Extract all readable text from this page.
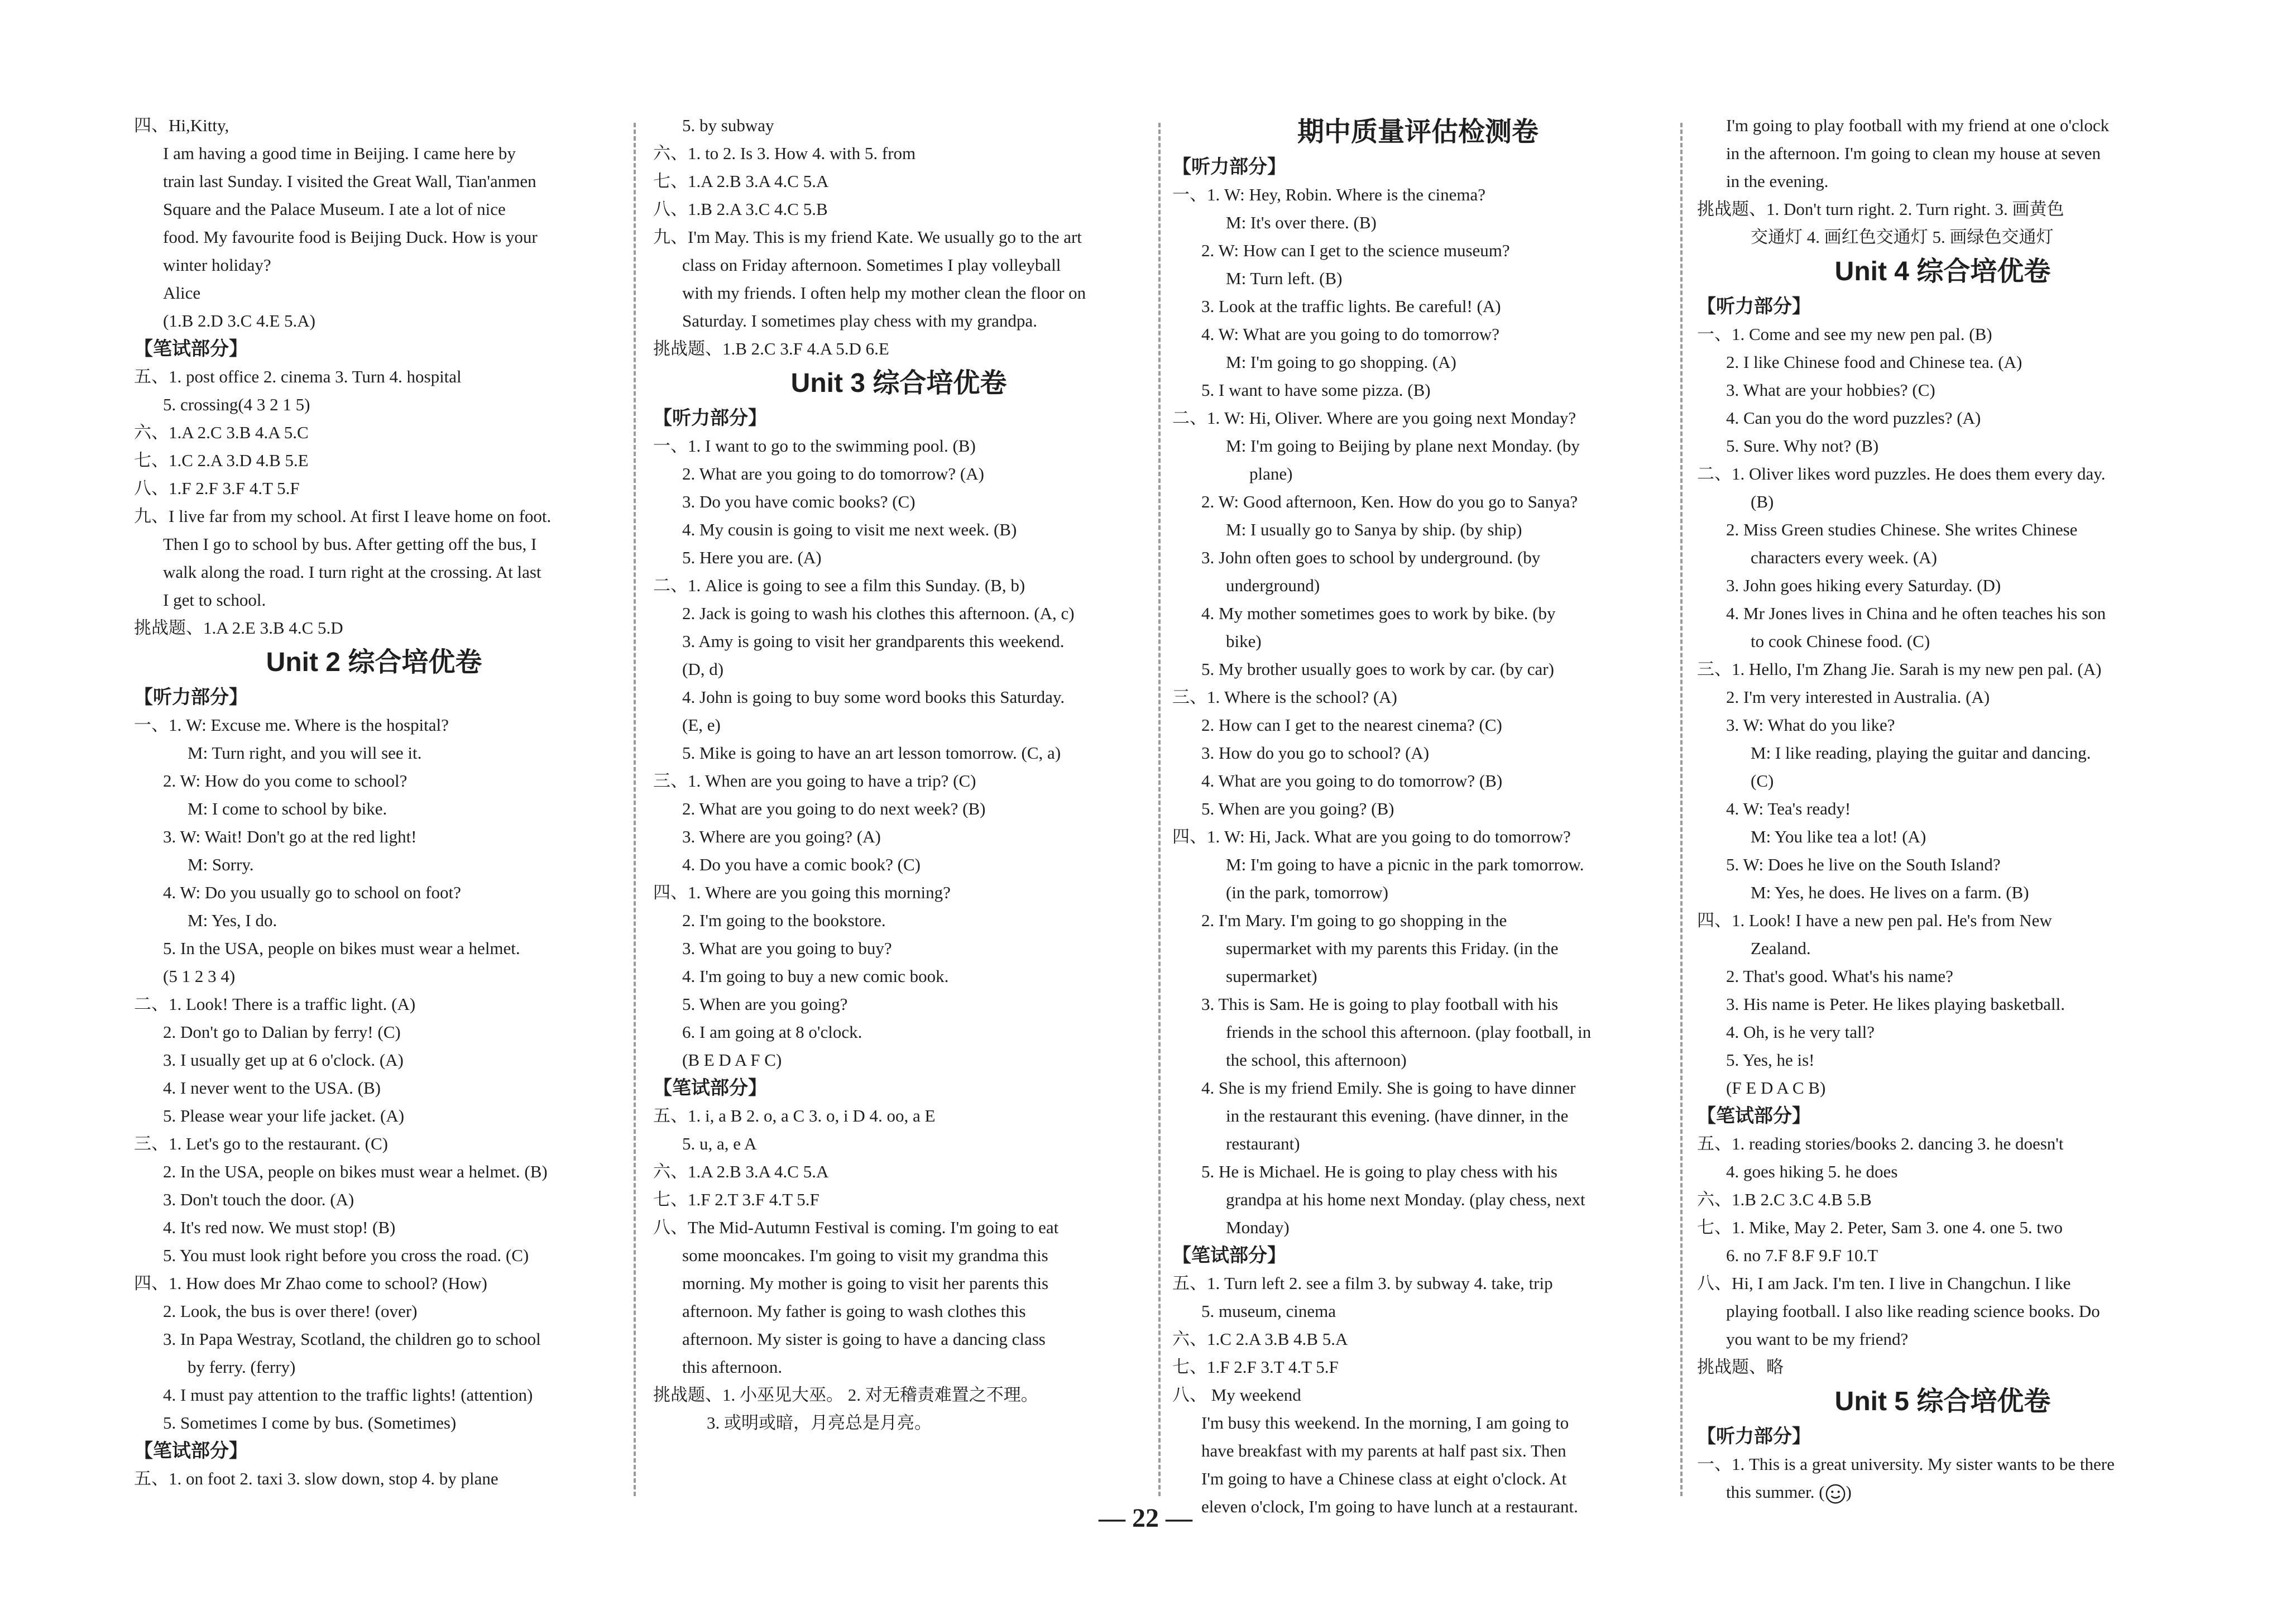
四、Hi,Kitty,
I am having a good time in Beijing. I came here by
train last Sunday. I visited the Great Wall, Tian'anmen
Square and the Palace Museum. I ate a lot of nice
food. My favourite food is Beijing Duck. How is your
winter holiday?
Alice
(1.B 2.D 3.C 4.E 5.A)
【笔试部分】
五、1. post office 2. cinema 3. Turn 4. hospital
5. crossing(4 3 2 1 5)
六、1.A 2.C 3.B 4.A 5.C
七、1.C 2.A 3.D 4.B 5.E
八、1.F 2.F 3.F 4.T 5.F
九、I live far from my school. At first I leave home on foot.
Then I go to school by bus. After getting off the bus, I
walk along the road. I turn right at the crossing. At last
I get to school.
挑战题、1.A 2.E 3.B 4.C 5.D
Unit 2 综合培优卷
【听力部分】
一、1. W: Excuse me. Where is the hospital?
M: Turn right, and you will see it.
2. W: How do you come to school?
M: I come to school by bike.
3. W: Wait! Don't go at the red light!
M: Sorry.
4. W: Do you usually go to school on foot?
M: Yes, I do.
5. In the USA, people on bikes must wear a helmet.
(5 1 2 3 4)
二、1. Look! There is a traffic light. (A)
2. Don't go to Dalian by ferry! (C)
3. I usually get up at 6 o'clock. (A)
4. I never went to the USA. (B)
5. Please wear your life jacket. (A)
三、1. Let's go to the restaurant. (C)
2. In the USA, people on bikes must wear a helmet. (B)
3. Don't touch the door. (A)
4. It's red now. We must stop! (B)
5. You must look right before you cross the road. (C)
四、1. How does Mr Zhao come to school? (How)
2. Look, the bus is over there! (over)
3. In Papa Westray, Scotland, the children go to school
by ferry. (ferry)
4. I must pay attention to the traffic lights! (attention)
5. Sometimes I come by bus. (Sometimes)
【笔试部分】
五、1. on foot 2. taxi 3. slow down, stop 4. by plane
5. by subway
六、1. to 2. Is 3. How 4. with 5. from
七、1.A 2.B 3.A 4.C 5.A
八、1.B 2.A 3.C 4.C 5.B
九、I'm May. This is my friend Kate. We usually go to the art
class on Friday afternoon. Sometimes I play volleyball
with my friends. I often help my mother clean the floor on
Saturday. I sometimes play chess with my grandpa.
挑战题、1.B 2.C 3.F 4.A 5.D 6.E
Unit 3 综合培优卷
【听力部分】
一、1. I want to go to the swimming pool. (B)
2. What are you going to do tomorrow? (A)
3. Do you have comic books? (C)
4. My cousin is going to visit me next week. (B)
5. Here you are. (A)
二、1. Alice is going to see a film this Sunday. (B, b)
2. Jack is going to wash his clothes this afternoon. (A, c)
3. Amy is going to visit her grandparents this weekend.
(D, d)
4. John is going to buy some word books this Saturday.
(E, e)
5. Mike is going to have an art lesson tomorrow. (C, a)
三、1. When are you going to have a trip? (C)
2. What are you going to do next week? (B)
3. Where are you going? (A)
4. Do you have a comic book? (C)
四、1. Where are you going this morning?
2. I'm going to the bookstore.
3. What are you going to buy?
4. I'm going to buy a new comic book.
5. When are you going?
6. I am going at 8 o'clock.
(B E D A F C)
【笔试部分】
五、1. i, a B 2. o, a C 3. o, i D 4. oo, a E
5. u, a, e A
六、1.A 2.B 3.A 4.C 5.A
七、1.F 2.T 3.F 4.T 5.F
八、The Mid-Autumn Festival is coming. I'm going to eat
some mooncakes. I'm going to visit my grandma this
morning. My mother is going to visit her parents this
afternoon. My father is going to wash clothes this
afternoon. My sister is going to have a dancing class
this afternoon.
挑战题、1. 小巫见大巫。 2. 对无稽责难置之不理。
3. 或明或暗，月亮总是月亮。
期中质量评估检测卷
【听力部分】
一、1. W: Hey, Robin. Where is the cinema?
M: It's over there. (B)
2. W: How can I get to the science museum?
M: Turn left. (B)
3. Look at the traffic lights. Be careful! (A)
4. W: What are you going to do tomorrow?
M: I'm going to go shopping. (A)
5. I want to have some pizza. (B)
二、1. W: Hi, Oliver. Where are you going next Monday?
M: I'm going to Beijing by plane next Monday. (by
plane)
2. W: Good afternoon, Ken. How do you go to Sanya?
M: I usually go to Sanya by ship. (by ship)
3. John often goes to school by underground. (by
underground)
4. My mother sometimes goes to work by bike. (by
bike)
5. My brother usually goes to work by car. (by car)
三、1. Where is the school? (A)
2. How can I get to the nearest cinema? (C)
3. How do you go to school? (A)
4. What are you going to do tomorrow? (B)
5. When are you going? (B)
四、1. W: Hi, Jack. What are you going to do tomorrow?
M: I'm going to have a picnic in the park tomorrow.
(in the park, tomorrow)
2. I'm Mary. I'm going to go shopping in the
supermarket with my parents this Friday. (in the
supermarket)
3. This is Sam. He is going to play football with his
friends in the school this afternoon. (play football, in
the school, this afternoon)
4. She is my friend Emily. She is going to have dinner
in the restaurant this evening. (have dinner, in the
restaurant)
5. He is Michael. He is going to play chess with his
grandpa at his home next Monday. (play chess, next
Monday)
【笔试部分】
五、1. Turn left 2. see a film 3. by subway 4. take, trip
5. museum, cinema
六、1.C 2.A 3.B 4.B 5.A
七、1.F 2.F 3.T 4.T 5.F
八、 My weekend
I'm busy this weekend. In the morning, I am going to
have breakfast with my parents at half past six. Then
I'm going to have a Chinese class at eight o'clock. At
eleven o'clock, I'm going to have lunch at a restaurant.
I'm going to play football with my friend at one o'clock
in the afternoon. I'm going to clean my house at seven
in the evening.
挑战题、1. Don't turn right. 2. Turn right. 3. 画黄色
交通灯 4. 画红色交通灯 5. 画绿色交通灯
Unit 4 综合培优卷
【听力部分】
一、1. Come and see my new pen pal. (B)
2. I like Chinese food and Chinese tea. (A)
3. What are your hobbies? (C)
4. Can you do the word puzzles? (A)
5. Sure. Why not? (B)
二、1. Oliver likes word puzzles. He does them every day.
(B)
2. Miss Green studies Chinese. She writes Chinese
characters every week. (A)
3. John goes hiking every Saturday. (D)
4. Mr Jones lives in China and he often teaches his son
to cook Chinese food. (C)
三、1. Hello, I'm Zhang Jie. Sarah is my new pen pal. (A)
2. I'm very interested in Australia. (A)
3. W: What do you like?
M: I like reading, playing the guitar and dancing.
(C)
4. W: Tea's ready!
M: You like tea a lot! (A)
5. W: Does he live on the South Island?
M: Yes, he does. He lives on a farm. (B)
四、1. Look! I have a new pen pal. He's from New
Zealand.
2. That's good. What's his name?
3. His name is Peter. He likes playing basketball.
4. Oh, is he very tall?
5. Yes, he is!
(F E D A C B)
【笔试部分】
五、1. reading stories/books 2. dancing 3. he doesn't
4. goes hiking 5. he does
六、1.B 2.C 3.C 4.B 5.B
七、1. Mike, May 2. Peter, Sam 3. one 4. one 5. two
6. no 7.F 8.F 9.F 10.T
八、Hi, I am Jack. I'm ten. I live in Changchun. I like
playing football. I also like reading science books. Do
you want to be my friend?
挑战题、略
Unit 5 综合培优卷
【听力部分】
一、1. This is a great university. My sister wants to be there
this summer. ( )
— 22 —
